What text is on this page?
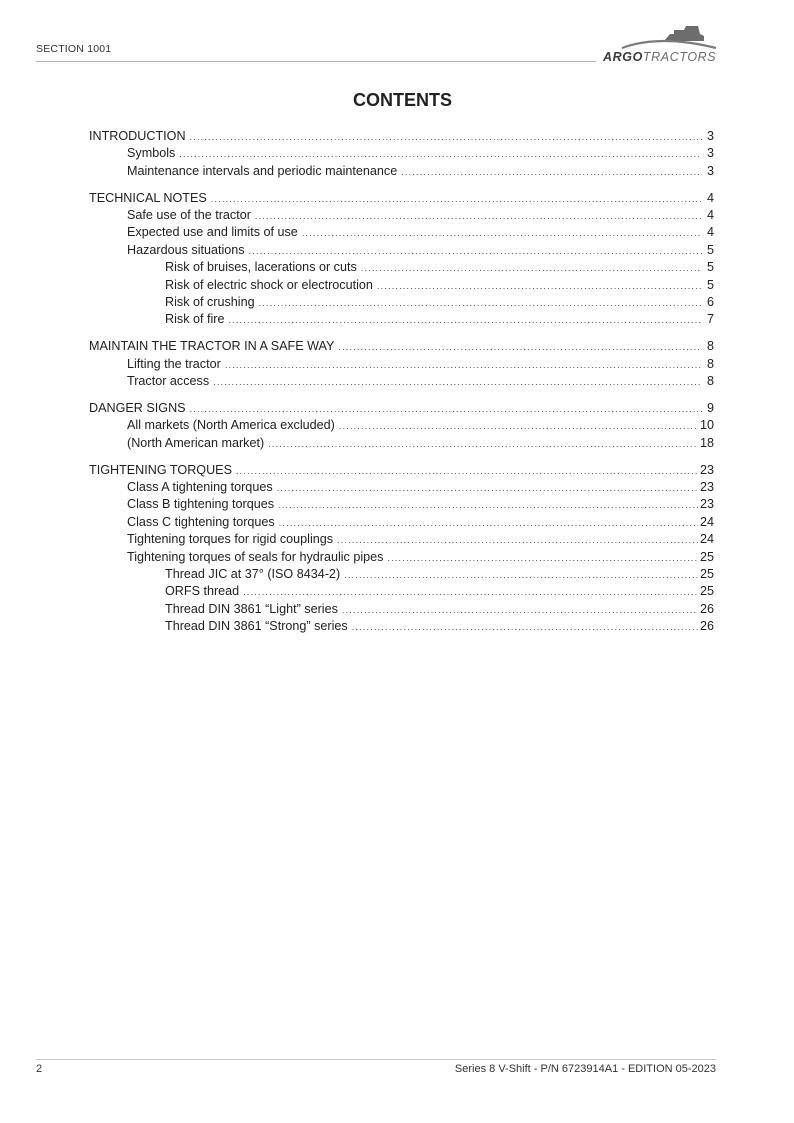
SECTION 1001
ARGOTRACTORS
CONTENTS
INTRODUCTION .....	3
Symbols .....	3
Maintenance intervals and periodic maintenance .....	3
TECHNICAL NOTES .....	4
Safe use of the tractor .....	4
Expected use and limits of use .....	4
Hazardous situations .....	5
Risk of bruises, lacerations or cuts .....	5
Risk of electric shock or electrocution .....	5
Risk of crushing .....	6
Risk of fire .....	7
MAINTAIN THE TRACTOR IN A SAFE WAY .....	8
Lifting the tractor .....	8
Tractor access .....	8
DANGER SIGNS .....	9
All markets (North America excluded) .....	10
(North American market) .....	18
TIGHTENING TORQUES .....	23
Class A tightening torques .....	23
Class B tightening torques .....	23
Class C tightening torques .....	24
Tightening torques for rigid couplings .....	24
Tightening torques of seals for hydraulic pipes .....	25
Thread JIC at 37° (ISO 8434-2) .....	25
ORFS thread .....	25
Thread DIN 3861 “Light” series .....	26
Thread DIN 3861 “Strong” series .....	26
2	Series 8 V-Shift - P/N 6723914A1 - EDITION 05-2023
